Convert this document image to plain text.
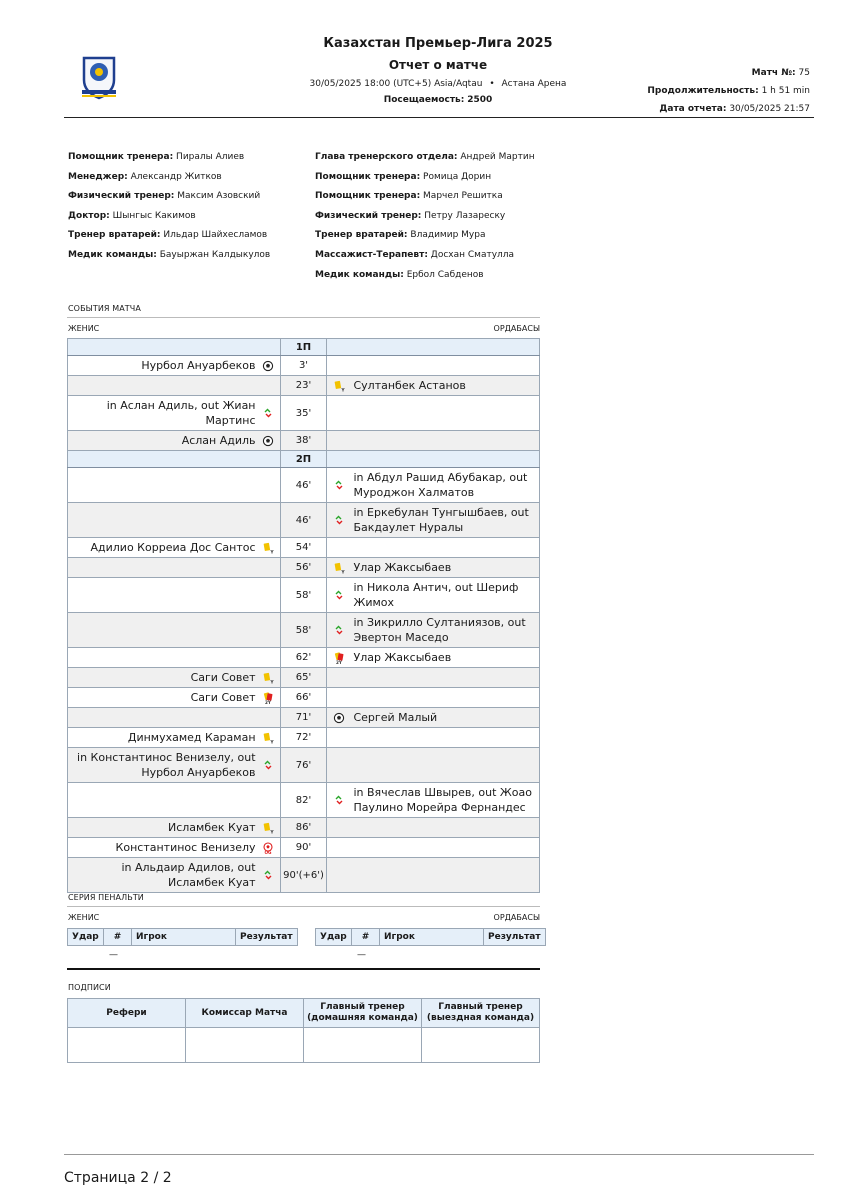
Казахстан Премьер-Лига 2025
Отчет о матче
30/05/2025 18:00 (UTC+5) Asia/Aqtau • Астана Арена
Посещаемость: 2500
Матч №: 75
Продолжительность: 1 h 51 min
Дата отчета: 30/05/2025 21:57
Помощник тренера: Пиралы Алиев
Менеджер: Александр Житков
Физический тренер: Максим Азовский
Доктор: Шынгыс Какимов
Тренер вратарей: Ильдар Шайхесламов
Медик команды: Бауыржан Калдыкулов
Глава тренерского отдела: Андрей Мартин
Помощник тренера: Ромица Дорин
Помощник тренера: Марчел Решитка
Физический тренер: Петру Лазареску
Тренер вратарей: Владимир Мура
Массажист-Терапевт: Досхан Сматулла
Медик команды: Ербол Сабденов
СОБЫТИЯ МАТЧА
ЖЕНИС	ОРДАБАСЫ
	1П	
Нурбол Ануарбеков	3'	
	23'	Y Султанбек Астанов
in Аслан Адиль, out Жиан Мартинс	35'	
Аслан Адиль	38'	
	2П	
	46'	in Абдул Рашид Абубакар, out Муроджон Халматов
	46'	in Еркебулан Тунгышбаев, out Бакдаулет Нуралы
Адилио Корреиа Дос Сантос Y	54'	
	56'	Y Улар Жаксыбаев
	58'	in Никола Антич, out Шериф Жимох
	58'	in Зикрилло Султаниязов, out Эвертон Маседо
	62'	2Y Улар Жаксыбаев
Саги Совет Y	65'	
Саги Совет 2Y	66'	
	71'	Сергей Малый
Динмухамед Караман Y	72'	
in Константинос Венизелу, out Нурбол Ануарбеков	76'	
	82'	in Вячеслав Швырев, out Жоао Паулино Морейра Фернандес
Исламбек Куат Y	86'	
Константинос Венизелу OG	90'	
in Альдаир Адилов, out Исламбек Куат	90'(+6')	
СЕРИЯ ПЕНАЛЬТИ
ЖЕНИС	ОРДАБАСЫ
Удар	#	Игрок	Результат	Удар	#	Игрок	Результат
—	—
ПОДПИСИ
Рефери	Комиссар Матча	Главный тренер (домашняя команда)	Главный тренер (выездная команда)

Страница 2 / 2
